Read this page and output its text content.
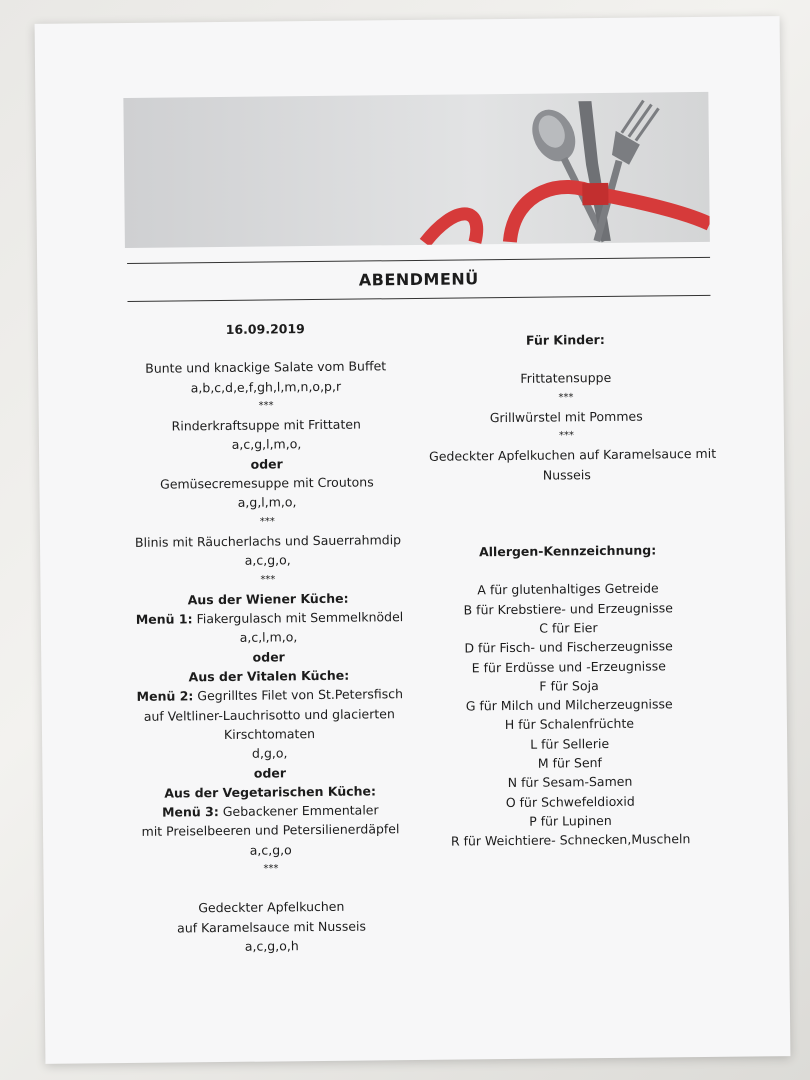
ABENDMENÜ

16.09.2019

Bunte und knackige Salate vom Buffet

a,b,c,d,e,f,gh,l,m,n,o,p,r

***

Rinderkraftsuppe mit Frittaten

a,c,g,l,m,o,

oder

Gemüsecremesuppe mit Croutons

a,g,l,m,o,

***

Blinis mit Räucherlachs und Sauerrahmdip

a,c,g,o,

***

Aus der Wiener Küche:

Menü 1: Fiakergulasch mit Semmelknödel

a,c,l,m,o,

oder

Aus der Vitalen Küche:

Menü 2: Gegrilltes Filet von St.Petersfisch

auf Veltliner-Lauchrisotto und glacierten

Kirschtomaten

d,g,o,

oder

Aus der Vegetarischen Küche:

Menü 3: Gebackener Emmentaler

mit Preiselbeeren und Petersilienerdäpfel

a,c,g,o

***

Gedeckter Apfelkuchen

auf Karamelsauce mit Nusseis

a,c,g,o,h

Für Kinder:

Frittatensuppe

***

Grillwürstel mit Pommes

***

Gedeckter Apfelkuchen auf Karamelsauce mit

Nusseis

Allergen-Kennzeichnung:

A für glutenhaltiges Getreide

B für Krebstiere- und Erzeugnisse

C für Eier

D für Fisch- und Fischerzeugnisse

E für Erdüsse und -Erzeugnisse

F für Soja

G für Milch und Milcherzeugnisse

H für Schalenfrüchte

L für Sellerie

M für Senf

N für Sesam-Samen

O für Schwefeldioxid

P für Lupinen

R für Weichtiere- Schnecken,Muscheln
